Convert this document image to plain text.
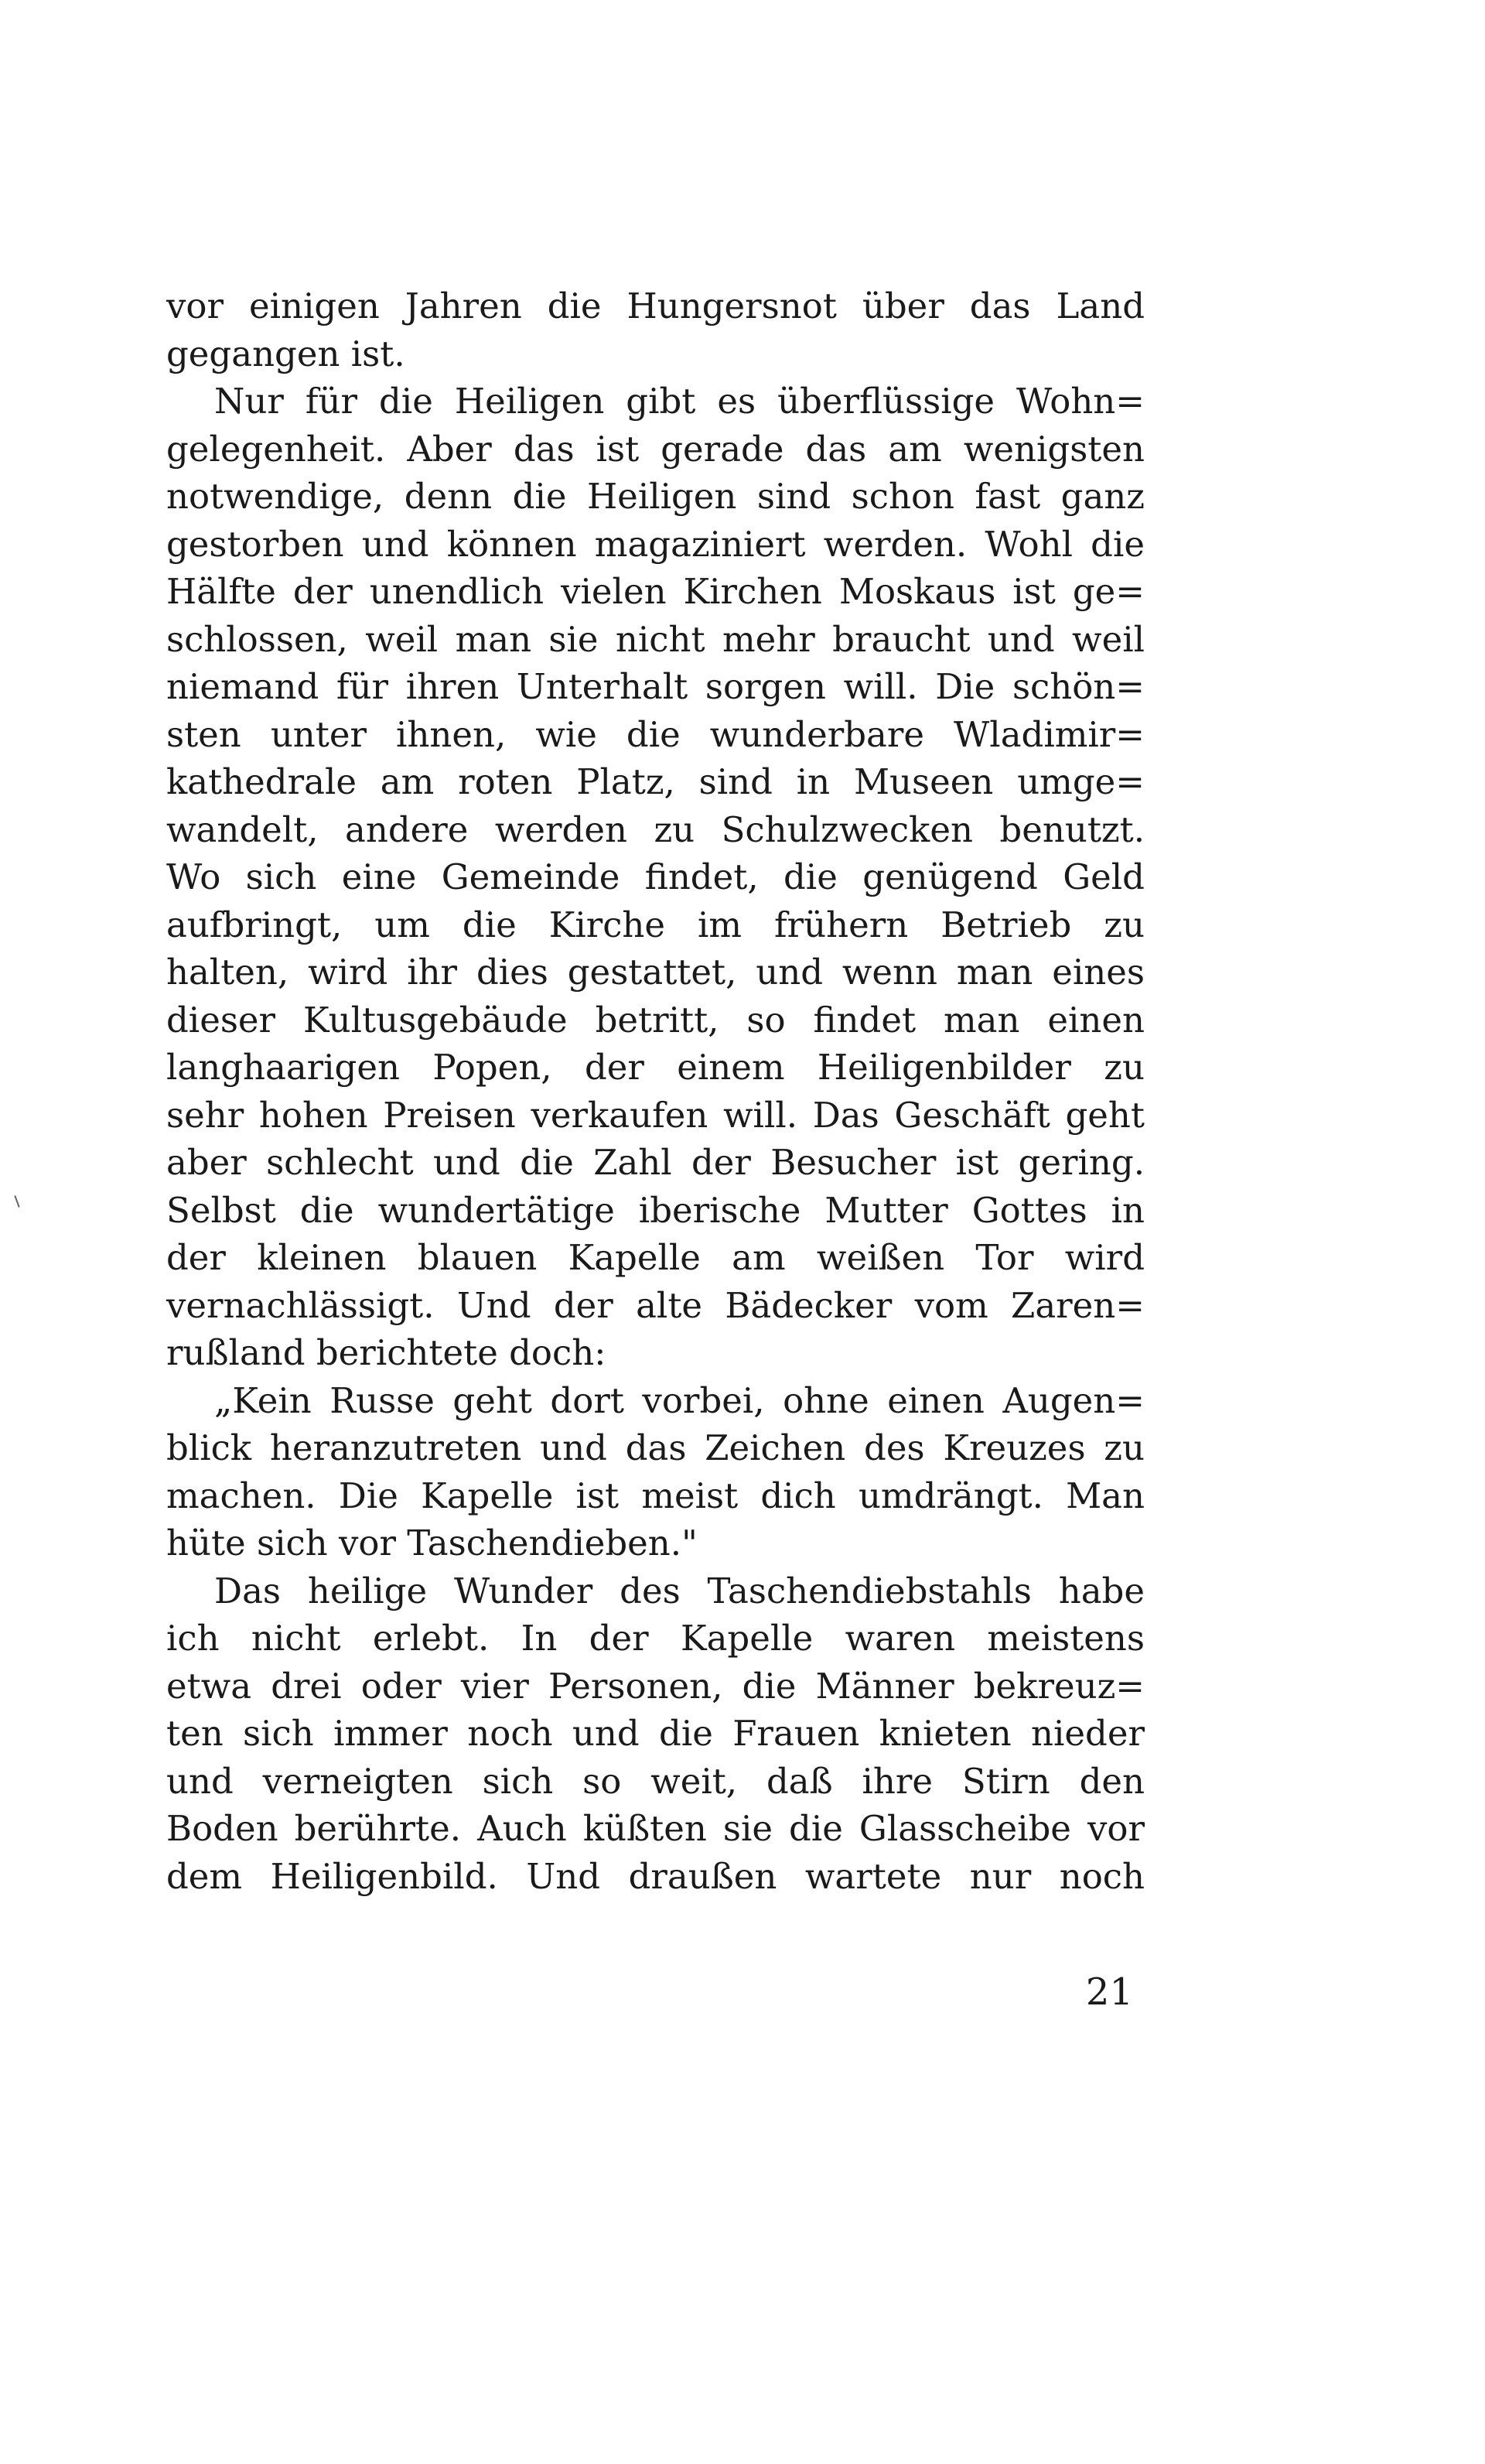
vor einigen Jahren die Hungersnot über das Land
gegangen ist.
Nur für die Heiligen gibt es überflüssige Wohn=
gelegenheit. Aber das ist gerade das am wenigsten
notwendige, denn die Heiligen sind schon fast ganz
gestorben und können magaziniert werden. Wohl die
Hälfte der unendlich vielen Kirchen Moskaus ist ge=
schlossen, weil man sie nicht mehr braucht und weil
niemand für ihren Unterhalt sorgen will. Die schön=
sten unter ihnen, wie die wunderbare Wladimir=
kathedrale am roten Platz, sind in Museen umge=
wandelt, andere werden zu Schulzwecken benutzt.
Wo sich eine Gemeinde findet, die genügend Geld
aufbringt, um die Kirche im frühern Betrieb zu
halten, wird ihr dies gestattet, und wenn man eines
dieser Kultusgebäude betritt, so findet man einen
langhaarigen Popen, der einem Heiligenbilder zu
sehr hohen Preisen verkaufen will. Das Geschäft geht
aber schlecht und die Zahl der Besucher ist gering.
Selbst die wundertätige iberische Mutter Gottes in
der kleinen blauen Kapelle am weißen Tor wird
vernachlässigt. Und der alte Bädecker vom Zaren=
rußland berichtete doch:
„Kein Russe geht dort vorbei, ohne einen Augen=
blick heranzutreten und das Zeichen des Kreuzes zu
machen. Die Kapelle ist meist dich umdrängt. Man
hüte sich vor Taschendieben."
Das heilige Wunder des Taschendiebstahls habe
ich nicht erlebt. In der Kapelle waren meistens
etwa drei oder vier Personen, die Männer bekreuz=
ten sich immer noch und die Frauen knieten nieder
und verneigten sich so weit, daß ihre Stirn den
Boden berührte. Auch küßten sie die Glasscheibe vor
dem Heiligenbild. Und draußen wartete nur noch
21
